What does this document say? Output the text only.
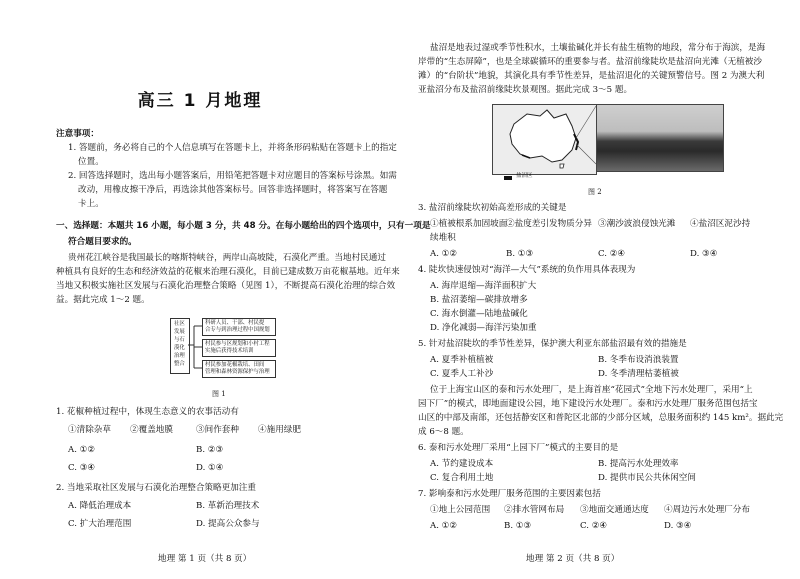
高三 1 月地理
注意事项：
1. 答题前，务必将自己的个人信息填写在答题卡上，并将条形码粘贴在答题卡上的指定
位置。
2. 回答选择题时，选出每小题答案后，用铅笔把答题卡对应题目的答案标号涂黑。如需
改动，用橡皮擦干净后，再选涂其他答案标号。回答非选择题时，将答案写在答题
卡上。
一、选择题：本题共 16 小题，每小题 3 分，共 48 分。在每小题给出的四个选项中，只有一项是
符合题目要求的。
贵州花江峡谷是我国最长的喀斯特峡谷，两岸山高坡陡，石漠化严重。当地村民通过
种植具有良好的生态和经济效益的花椒来治理石漠化，目前已建成数万亩花椒基地。近年来
当地又积极实施社区发展与石漠化治理整合策略（见图 1），不断提高石漠化治理的综合效
益。据此完成 1～2 题。
社区
发展
与石
漠化
治理
整合
科研人员、干部、村民提
合专与到治理过程中国规划
村民参与区规划和小村工程
实施后获得技术培训
村民参加花椒栽培、田间
管理和森林资源保护与治理
图 1
1. 花椒种植过程中，体现生态意义的农事活动有
①清除杂草 ②覆盖地膜	③间作套种 ④施用绿肥
A. ①②	B. ②③
C. ③④	D. ①④
2. 当地采取社区发展与石漠化治理整合策略更加注重
A. 降低治理成本	B. 革新治理技术
C. 扩大治理范围	D. 提高公众参与
地理 第 1 页（共 8 页）
盐沼是地表过湿或季节性积水，土壤盐碱化并长有盐生植物的地段，常分布于海滨，是海
岸带的“生态屏障”，也是全球碳循环的重要参与者。盐沼前缘陡坎是盐沼向光滩（无植被沙
滩）的“台阶状”地貌，其演化具有季节性差异，是盐沼退化的关键预警信号。图 2 为澳大利
亚盐沼分布及盐沼前缘陡坎景观图。据此完成 3～5 题。
盐沼区
图 2
3. 盐沼前缘陡坎初始高差形成的关键是
①植被根系加固坡面
②盐度差引发物质分异 ③潮沙波浪侵蚀光滩 ④盐沼区泥沙持
续堆积
A. ①②	B. ①③	C. ②④	D. ③④
4. 陡坎快速侵蚀对“海洋—大气”系统的负作用具体表现为
A. 海岸退缩—海洋面积扩大
B. 盐沼萎缩—碳排放增多
C. 海水倒灌—陆地盐碱化
D. 净化减弱—海洋污染加重
5. 针对盐沼陡坎的季节性差异，保护澳大利亚东部盐沼最有效的措施是
A. 夏季补植植被	B. 冬季布设消浪装置
C. 夏季人工补沙	D. 冬季清理枯萎植被
位于上海宝山区的泰和污水处理厂，是上海首座“花园式”全地下污水处理厂，采用“上
园下厂”的模式，即地面建设公园，地下建设污水处理厂。泰和污水处理厂服务范围包括宝
山区的中部及南部，还包括静安区和普陀区北部的少部分区域，总服务面积约 145 km²。据此完
成 6～8 题。
6. 泰和污水处理厂采用“上园下厂”模式的主要目的是
A. 节约建设成本	B. 提高污水处理效率
C. 复合利用土地	D. 提供市民公共休闲空间
7. 影响泰和污水处理厂服务范围的主要因素包括
①地上公园范围 ②排水管网布局 ③地面交通通达度 ④周边污水处理厂分布
A. ①②	B. ①③	C. ②④	D. ③④
地理 第 2 页（共 8 页）
